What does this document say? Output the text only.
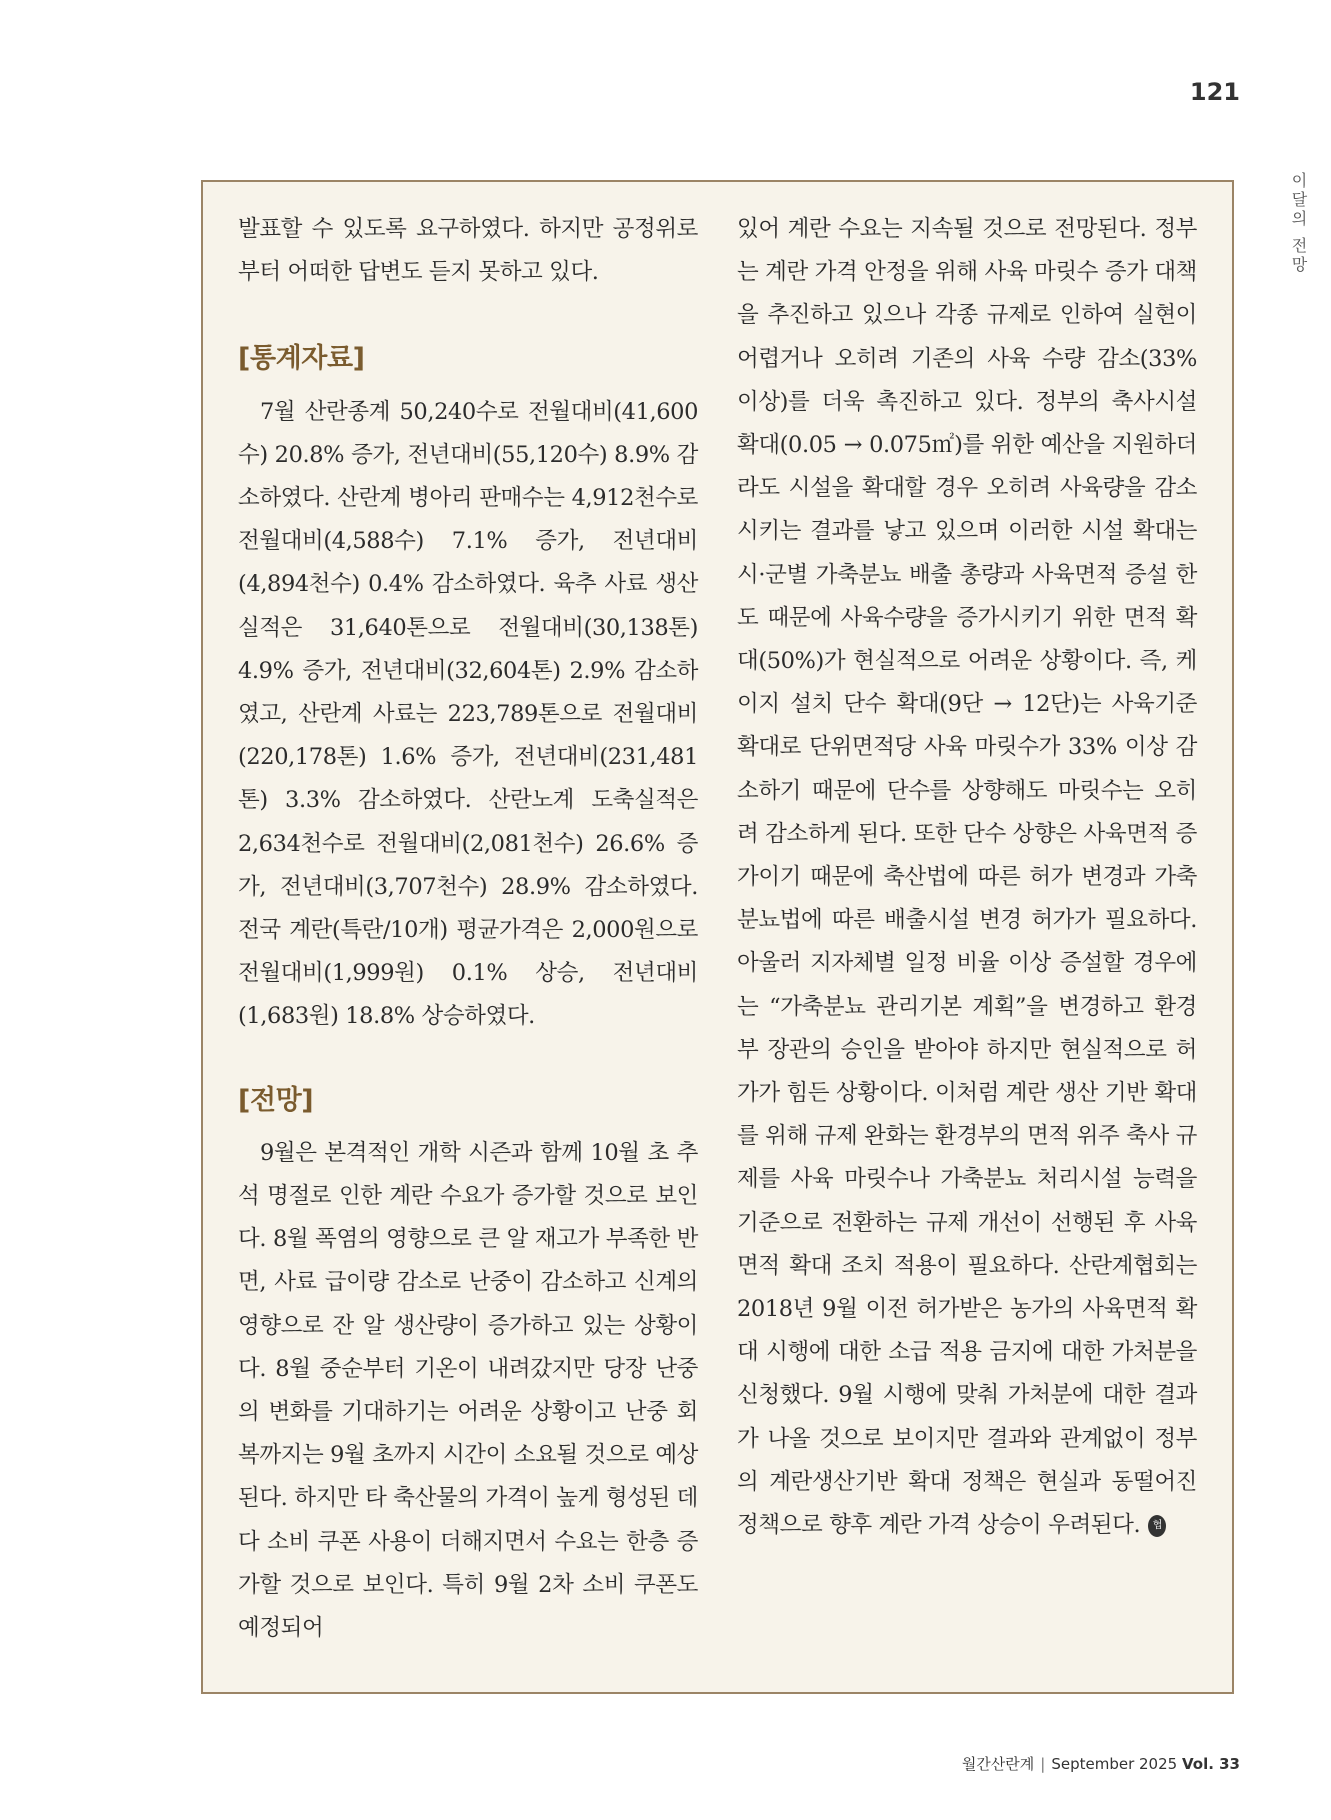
121
이달의 전망

발표할 수 있도록 요구하였다. 하지만 공정위로부터 어떠한 답변도 듣지 못하고 있다.

[통계자료]

7월 산란종계 50,240수로 전월대비(41,600수) 20.8% 증가, 전년대비(55,120수) 8.9% 감소하였다. 산란계 병아리 판매수는 4,912천수로 전월대비(4,588수) 7.1% 증가, 전년대비(4,894천수) 0.4% 감소하였다. 육추 사료 생산실적은 31,640톤으로 전월대비(30,138톤) 4.9% 증가, 전년대비(32,604톤) 2.9% 감소하였고, 산란계 사료는 223,789톤으로 전월대비(220,178톤) 1.6% 증가, 전년대비(231,481톤) 3.3% 감소하였다. 산란노계 도축실적은 2,634천수로 전월대비(2,081천수) 26.6% 증가, 전년대비(3,707천수) 28.9% 감소하였다. 전국 계란(특란/10개) 평균가격은 2,000원으로 전월대비(1,999원) 0.1% 상승, 전년대비(1,683원) 18.8% 상승하였다.

[전망]

9월은 본격적인 개학 시즌과 함께 10월 초 추석 명절로 인한 계란 수요가 증가할 것으로 보인다. 8월 폭염의 영향으로 큰 알 재고가 부족한 반면, 사료 급이량 감소로 난중이 감소하고 신계의 영향으로 잔 알 생산량이 증가하고 있는 상황이다. 8월 중순부터 기온이 내려갔지만 당장 난중의 변화를 기대하기는 어려운 상황이고 난중 회복까지는 9월 초까지 시간이 소요될 것으로 예상된다. 하지만 타 축산물의 가격이 높게 형성된 데다 소비 쿠폰 사용이 더해지면서 수요는 한층 증가할 것으로 보인다. 특히 9월 2차 소비 쿠폰도 예정되어

있어 계란 수요는 지속될 것으로 전망된다. 정부는 계란 가격 안정을 위해 사육 마릿수 증가 대책을 추진하고 있으나 각종 규제로 인하여 실현이 어렵거나 오히려 기존의 사육 수량 감소(33% 이상)를 더욱 촉진하고 있다. 정부의 축사시설 확대(0.05 → 0.075㎡)를 위한 예산을 지원하더라도 시설을 확대할 경우 오히려 사육량을 감소시키는 결과를 낳고 있으며 이러한 시설 확대는 시·군별 가축분뇨 배출 총량과 사육면적 증설 한도 때문에 사육수량을 증가시키기 위한 면적 확대(50%)가 현실적으로 어려운 상황이다. 즉, 케이지 설치 단수 확대(9단 → 12단)는 사육기준 확대로 단위면적당 사육 마릿수가 33% 이상 감소하기 때문에 단수를 상향해도 마릿수는 오히려 감소하게 된다. 또한 단수 상향은 사육면적 증가이기 때문에 축산법에 따른 허가 변경과 가축분뇨법에 따른 배출시설 변경 허가가 필요하다. 아울러 지자체별 일정 비율 이상 증설할 경우에는 “가축분뇨 관리기본 계획”을 변경하고 환경부 장관의 승인을 받아야 하지만 현실적으로 허가가 힘든 상황이다. 이처럼 계란 생산 기반 확대를 위해 규제 완화는 환경부의 면적 위주 축사 규제를 사육 마릿수나 가축분뇨 처리시설 능력을 기준으로 전환하는 규제 개선이 선행된 후 사육면적 확대 조치 적용이 필요하다. 산란계협회는 2018년 9월 이전 허가받은 농가의 사육면적 확대 시행에 대한 소급 적용 금지에 대한 가처분을 신청했다. 9월 시행에 맞춰 가처분에 대한 결과가 나올 것으로 보이지만 결과와 관계없이 정부의 계란생산기반 확대 정책은 현실과 동떨어진 정책으로 향후 계란 가격 상승이 우려된다.	협

월간산란계 | September 2025 Vol. 33
